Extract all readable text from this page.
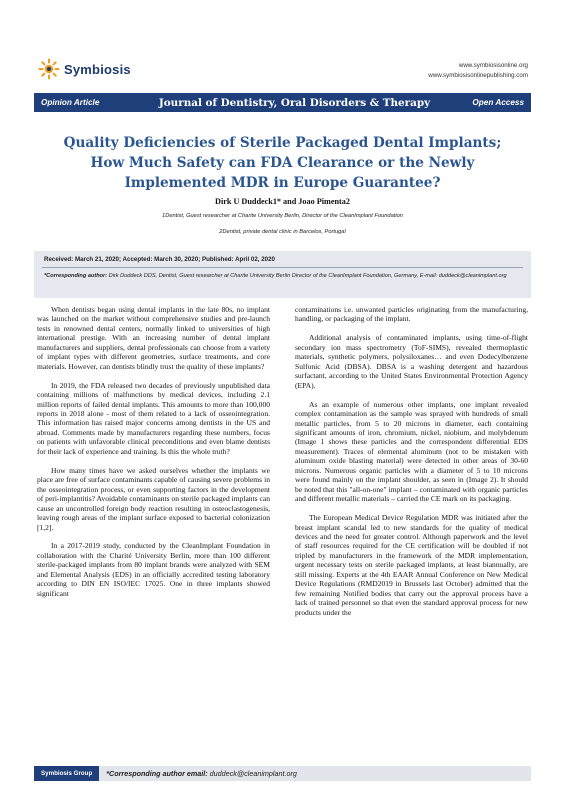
Symbiosis	www.symbiosisonline.org
www.symbiosisonlinepublishing.com
Opinion Article	Journal of Dentistry, Oral Disorders & Therapy	Open Access
Quality Deficiencies of Sterile Packaged Dental Implants; How Much Safety can FDA Clearance or the Newly Implemented MDR in Europe Guarantee?
Dirk U Duddeck1* and Joao Pimenta2
1Dentist, Guest researcher at Charite University Berlin, Director of the CleanImplant Foundation
2Dentist, private dental clinic in Barcelos, Portugal
Received: March 21, 2020; Accepted: March 30, 2020; Published: April 02, 2020
*Corresponding author: Dirk Duddeck DDS, Dentist, Guest researcher at Charite University Berlin Director of the CleanImplant Foundation, Germany, E-mail: duddeck@cleanimplant.org

When dentists began using dental implants in the late 80s, no implant was launched on the market without comprehensive studies and pre-launch tests in renowned dental centers, normally linked to universities of high international prestige. With an increasing number of dental implant manufacturers and suppliers, dental professionals can choose from a variety of implant types with different geometries, surface treatments, and core materials. However, can dentists blindly trust the quality of these implants?

In 2019, the FDA released two decades of previously unpublished data containing millions of malfunctions by medical devices, including 2.1 million reports of failed dental implants. This amounts to more than 100,000 reports in 2018 alone - most of them related to a lack of osseointegration. This information has raised major concerns among dentists in the US and abroad. Comments made by manufacturers regarding these numbers, focus on patients with unfavorable clinical preconditions and even blame dentists for their lack of experience and training. Is this the whole truth?

How many times have we asked ourselves whether the implants we place are free of surface contaminants capable of causing severe problems in the osseointegration process, or even supporting factors in the development of peri-implantitis? Avoidable contaminants on sterile packaged implants can cause an uncontrolled foreign body reaction resulting in osteoclastogenesis, leaving rough areas of the implant surface exposed to bacterial colonization [1,2].

In a 2017-2019 study, conducted by the CleanImplant Foundation in collaboration with the Charité University Berlin, more than 100 different sterile-packaged implants from 80 implant brands were analyzed with SEM and Elemental Analysis (EDS) in an officially accredited testing laboratory according to DIN EN ISO/IEC 17025. One in three implants showed significant

contaminations i.e. unwanted particles originating from the manufacturing, handling, or packaging of the implant.

Additional analysis of contaminated implants, using time-of-flight secondary ion mass spectrometry (ToF-SIMS), revealed thermoplastic materials, synthetic polymers, polysiloxanes… and even Dodecylbenzene Sulfonic Acid (DBSA). DBSA is a washing detergent and hazardous surfactant, according to the United States Environmental Protection Agency (EPA).

As an example of numerous other implants, one implant revealed complex contamination as the sample was sprayed with hundreds of small metallic particles, from 5 to 20 microns in diameter, each containing significant amounts of iron, chromium, nickel, niobium, and molybdenum (Image 1 shows these particles and the correspondent differential EDS measurement). Traces of elemental aluminum (not to be mistaken with aluminum oxide blasting material) were detected in other areas of 30-60 microns. Numerous organic particles with a diameter of 5 to 10 microns were found mainly on the implant shoulder, as seen in (Image 2). It should be noted that this "all-on-one" implant – contaminated with organic particles and different metallic materials – carried the CE mark on its packaging.

The European Medical Device Regulation MDR was initiated after the breast implant scandal led to new standards for the quality of medical devices and the need for greater control. Although paperwork and the level of staff resources required for the CE certification will be doubled if not tripled by manufacturers in the framework of the MDR implementation, urgent necessary tests on sterile packaged implants, at least biannually, are still missing. Experts at the 4th EAAR Annual Conference on New Medical Device Regulations (RMD2019 in Brussels last October) admitted that the few remaining Notified bodies that carry out the approval process have a lack of trained personnel so that even the standard approval process for new products under the

Symbiosis Group	*Corresponding author email: duddeck@cleanimplant.org
